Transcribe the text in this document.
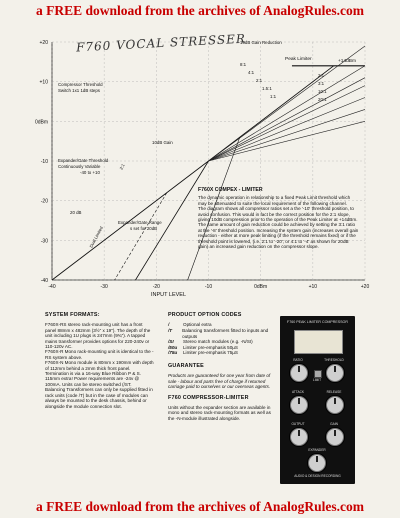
a FREE download from the archives of AnalogRules.com
F760 VOCAL STRESSER
+20
+10
0dBm
-10
-20
-30
-40
-40	-30	-20	-10	0dBm	+10	+20
INPUT LEVEL
10dB Gain Reduction
Peak Limiter	+14dBm
2:1
3:1
10:1
20:1
8:1
4:1
2:1
1.5:1
1:1
Compressor Threshold
Switch 1x1 1dB steps
Expander/Gate Threshold
Continuously Variable
-40 to +10
10dB Gain
Expander/Gate Range
s set for 20dB
20 dB
Dual Limited
2:1
F760X COMPEX - LIMITER

The dynamic operation in relationship to a fixed Peak Limit threshold which may be attenuated to suite the local requirement of the following channel.

The diagram shows all compressor ratios set a the '-10' threshold position, to avoid confusion. This would in fact be the correct position for the 2:1 slope, giving 10dB compression prior to the operation of the Peak Limiter at +14dBm. The same amount of gain reduction could be achieved by setting the 3:1 ratio at the '-8' threshold position. Increasing the system gain (increases overall gain reduction - either at more peak limiting (if the threshold remains fixed) or if the threshold point is lowered, (i.e. 2:1 to '-20'; or 4:1 to '-4' as shown for 20dB gain) an increased gain reduction on the compressor slope.

SYSTEM FORMATS:

F760X-RS stereo rack-mounting unit has a front panel 88mm x 482mm (3½" x 19"). The depth of the unit including 1U plugs is 247mm (9¾"). A tapped mains transformer provides options for 220-240v or 110-120v AC.

F760X-R Mono rack-mounting unit is identical to the -RS system above.

F760X-N Mono module is 80mm x 190mm with depth of 112mm behind a 2mm thick front panel. Termination is via a 16-way Blue Ribbon P & S. 115mm extra! Power requirements are -24v @ 100mA. Units can be stereo switched (/ST.

Balancing Transformers can only be supplied fitted in rack units (code /T) but in the case of modules can always be mounted to the desk chassis, behind or alongside the module connection slot.

PRODUCT OPTION CODES
/	Optional extra
/T	Balancing transformers fitted to inputs and outputs
/SI	Stereo match modules (e.g. -N/SI)
/50u Limiter pre-emphasis 50µS
/75u Limiter pre-emphasis 75µS
GUARANTEE

Products are guaranteed for one year from date of sale - labour and parts free of charge if returned carriage paid to ourselves or our overseas agents.

F760 COMPRESSOR-LIMITER

Units without the expander section are available in mono and stereo rack-mounting formats as well as the -N-module illustrated alongside.

F760 PEAK LIMITER COMPRESSOR
RATIO	THRESHOLD
LIMIT
ATTACK	RELEASE
OUTPUT	GAIN
EXPANDER
AUDIO & DESIGN RECORDING
a FREE download from the archives of AnalogRules.com
